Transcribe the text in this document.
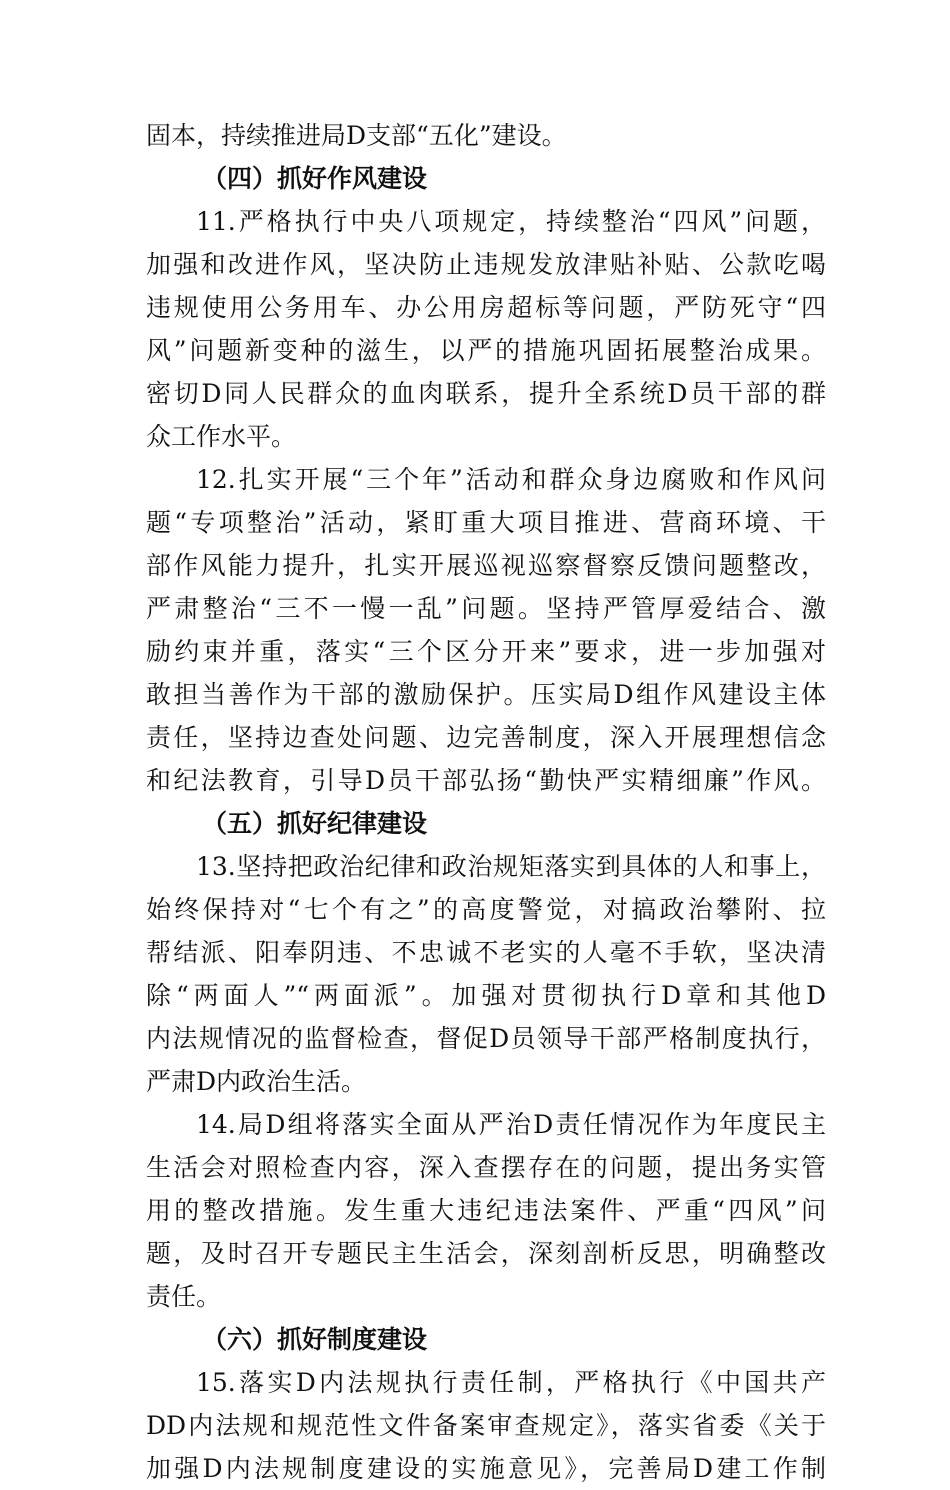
固本，持续推进局D支部“五化”建设。
（四）抓好作风建设
11.严格执行中央八项规定，持续整治“四风”问题，
加强和改进作风，坚决防止违规发放津贴补贴、公款吃喝
违规使用公务用车、办公用房超标等问题，严防死守“四
风”问题新变种的滋生，以严的措施巩固拓展整治成果。
密切D同人民群众的血肉联系，提升全系统D员干部的群
众工作水平。
12.扎实开展“三个年”活动和群众身边腐败和作风问
题“专项整治”活动，紧盯重大项目推进、营商环境、干
部作风能力提升，扎实开展巡视巡察督察反馈问题整改，
严肃整治“三不一慢一乱”问题。坚持严管厚爱结合、激
励约束并重，落实“三个区分开来”要求，进一步加强对
敢担当善作为干部的激励保护。压实局D组作风建设主体
责任，坚持边查处问题、边完善制度，深入开展理想信念
和纪法教育，引导D员干部弘扬“勤快严实精细廉”作风。
（五）抓好纪律建设
13.坚持把政治纪律和政治规矩落实到具体的人和事上，
始终保持对“七个有之”的高度警觉，对搞政治攀附、拉
帮结派、阳奉阴违、不忠诚不老实的人毫不手软，坚决清
除“两面人”“两面派”。加强对贯彻执行D章和其他D
内法规情况的监督检查，督促D员领导干部严格制度执行，
严肃D内政治生活。
14.局D组将落实全面从严治D责任情况作为年度民主
生活会对照检查内容，深入查摆存在的问题，提出务实管
用的整改措施。发生重大违纪违法案件、严重“四风”问
题，及时召开专题民主生活会，深刻剖析反思，明确整改
责任。
（六）抓好制度建设
15.落实D内法规执行责任制，严格执行《中国共产
DD内法规和规范性文件备案审查规定》，落实省委《关于
加强D内法规制度建设的实施意见》，完善局D建工作制
